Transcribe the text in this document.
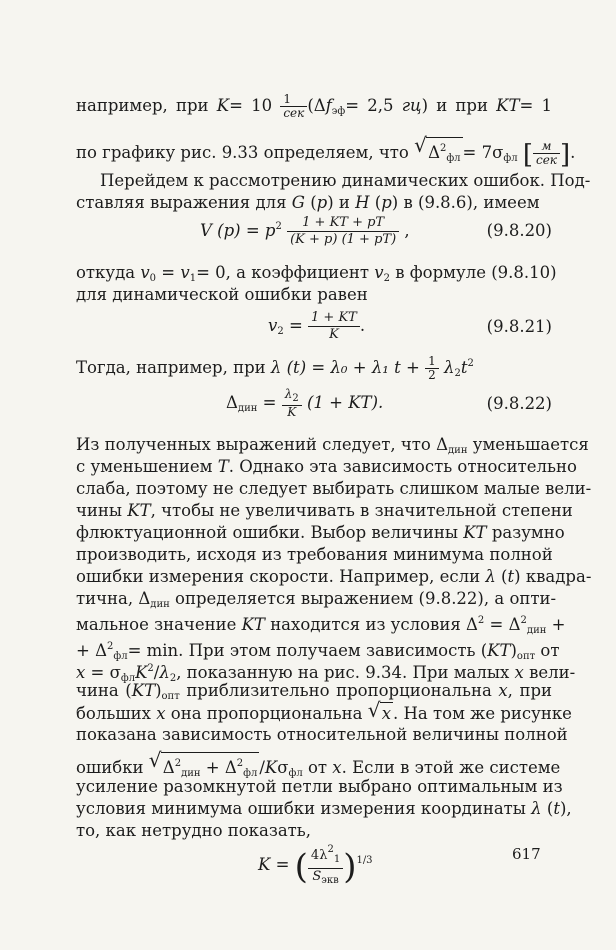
например, при $K= 10 \frac{1}{\text{сек}} (\Delta f_{эф}= 2,5$ гц) и при KT= 1
по графику рис. 9.33 определяем, что √ $\Delta^2_{фл} = 7\sigma_{фл}$ [ $\frac{м}{\text{сек}}$ ].
Перейдем к рассмотрению динамических ошибок. Под-
ставляя выражения для G (p) и H (p) в (9.8.6), имеем
V $(p) = p^2 \frac{1 + KT + pT}{(K + p) (1 + pT)}$ ,	(9.8.20)
откуда $v_0 = v_1= 0$, а коэффициент $v_2$ в формуле (9.8.10)
для динамической ошибки равен
$v_2 = \frac{1 + KT}{K}$ .	(9.8.21)
Тогда, например, при λ (t) = λ₀ + λ₁ $t + \frac{1}{2} \lambda_2t^2$
$\Delta_{дин} = \frac{\lambda_2}{K} (1 + KT)$.	(9.8.22)
Из полученных выражений следует, что $\Delta_{дин}$ уменьшается
с уменьшением T. Однако эта зависимость относительно
слаба, поэтому не следует выбирать слишком малые вели-
чины KT, чтобы не увеличивать в значительной степени
флюктуационной ошибки. Выбор величины KT разумно
производить, исходя из требования минимума полной
ошибки измерения скорости. Например, если λ (t) квадра-
тична, $\Delta_{дин}$ определяется выражением (9.8.22), а опти-
мальное значение KT находится из условия $\Delta^2 = \Delta^2_{дин}$ +
+ $\Delta^2_{фл}= \min$. При этом получаем зависимость $(KT)_{опт}$ от
$x = \sigma_{фл}K^2/\lambda_2$, показанную на рис. 9.34. При малых x вели-
чина $(KT)_{опт}$ приблизительно пропорциональна x, при
больших x она пропорциональна √ x . На том же рисунке
показана зависимость относительной величины полной
ошибки √ $\Delta^2_{дин} + \Delta^2_{фл}$ $/K\sigma_{фл}$ от x. Если в этой же системе
усиление разомкнутой петли выбрано оптимальным из
условия минимума ошибки измерения координаты λ (t),
то, как нетрудно показать,
K = ( $\frac{4\lambda^2_1}{S_{экв}} )^{1/3}$	617
